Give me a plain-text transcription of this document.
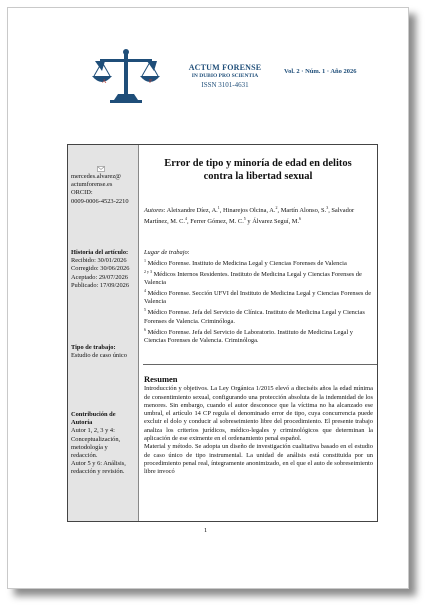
A	F
ACTUM FORENSE
IN DUBIO PRO SCIENTIA
ISSN 3101-4631
Vol. 2 · Núm. 1 · Año 2026
mercedes.alvarez@
actumforense.es
ORCID:
0009-0006-4523-2210
Historia del artículo:
Recibido: 30/01/2026
Corregido: 30/06/2026
Aceptado: 29/07/2026
Publicado: 17/09/2026
Tipo de trabajo:
Estudio de caso único
Contribución de
Autoría
Autor 1, 2, 3 y 4:
Conceptualización,
metodología y
redacción.
Autor 5 y 6: Análisis,
redacción y revisión.
Error de tipo y minoría de edad en delitos
contra la libertad sexual
Autores: Aleixandre Díez, A.$^1$, Hinarejos Olcina, A.$^2$, Martín Alonso, S.$^3$, Salvador Martínez, M. C.$^4$, Ferrer Gómez, M. C.$^5$ y Álvarez Seguí, M.$^6$
Lugar de trabajo:

$^1$ Médico Forense. Instituto de Medicina Legal y Ciencias Forenses de Valencia

$^{2 y 3}$ Médicos Internos Residentes. Instituto de Medicina Legal y Ciencias Forenses de Valencia

$^4$ Médico Forense. Sección UFVI del Instituto de Medicina Legal y Ciencias Forenses de Valencia

$^5$ Médico Forense. Jefa del Servicio de Clínica. Instituto de Medicina Legal y Ciencias Forenses de Valencia. Criminóloga.

$^6$ Médico Forense. Jefa del Servicio de Laboratorio. Instituto de Medicina Legal y Ciencias Forenses de Valencia. Criminóloga.

Resumen

Introducción y objetivos. La Ley Orgánica 1/2015 elevó a dieciséis años la edad mínima de consentimiento sexual, configurando una protección absoluta de la indemnidad de los menores. Sin embargo, cuando el autor desconoce que la víctima no ha alcanzado ese umbral, el artículo 14 CP regula el denominado error de tipo, cuya concurrencia puede excluir el dolo y conducir al sobreseimiento libre del procedimiento. El presente trabajo analiza los criterios jurídicos, médico-legales y criminológicos que determinan la aplicación de ese eximente en el ordenamiento penal español.

Material y método. Se adopta un diseño de investigación cualitativa basado en el estudio de caso único de tipo instrumental. La unidad de análisis está constituida por un procedimiento penal real, íntegramente anonimizado, en el que el auto de sobreseimiento libre invocó

1
